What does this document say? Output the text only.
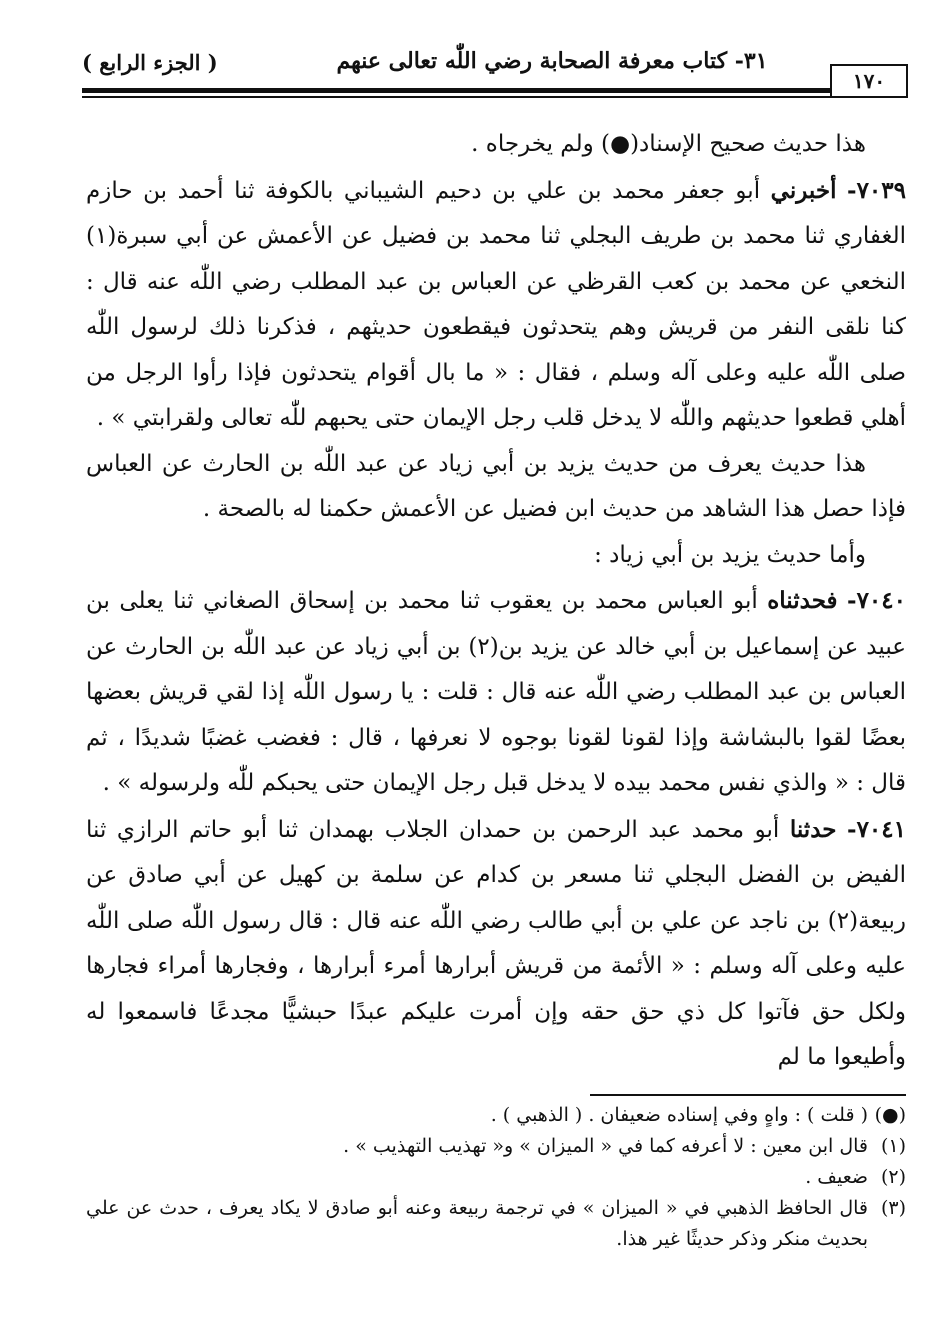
( الجزء الرابع )	٣١- كتاب معرفة الصحابة رضي اللّٰه تعالى عنهم
١٧٠

هذا حديث صحيح الإسناد(●) ولم يخرجاه .

٧٠٣٩- أخبرني أبو جعفر محمد بن علي بن دحيم الشيباني بالكوفة ثنا أحمد بن حازم الغفاري ثنا محمد بن طريف البجلي ثنا محمد بن فضيل عن الأعمش عن أبي سبرة(١) النخعي عن محمد بن كعب القرظي عن العباس بن عبد المطلب رضي اللّٰه عنه قال : كنا نلقى النفر من قريش وهم يتحدثون فيقطعون حديثهم ، فذكرنا ذلك لرسول اللّٰه صلى اللّٰه عليه وعلى آله وسلم ، فقال : « ما بال أقوام يتحدثون فإذا رأوا الرجل من أهلي قطعوا حديثهم واللّٰه لا يدخل قلب رجل الإيمان حتى يحبهم للّٰه تعالى ولقرابتي » .

هذا حديث يعرف من حديث يزيد بن أبي زياد عن عبد اللّٰه بن الحارث عن العباس فإذا حصل هذا الشاهد من حديث ابن فضيل عن الأعمش حكمنا له بالصحة .

وأما حديث يزيد بن أبي زياد :

٧٠٤٠- فحدثناه أبو العباس محمد بن يعقوب ثنا محمد بن إسحاق الصغاني ثنا يعلى بن عبيد عن إسماعيل بن أبي خالد عن يزيد بن(٢) بن أبي زياد عن عبد اللّٰه بن الحارث عن العباس بن عبد المطلب رضي اللّٰه عنه قال : قلت : يا رسول اللّٰه إذا لقي قريش بعضها بعضًا لقوا بالبشاشة وإذا لقونا لقونا بوجوه لا نعرفها ، قال : فغضب غضبًا شديدًا ، ثم قال : « والذي نفس محمد بيده لا يدخل قبل رجل الإيمان حتى يحبكم للّٰه ولرسوله » .

٧٠٤١- حدثنا أبو محمد عبد الرحمن بن حمدان الجلاب بهمدان ثنا أبو حاتم الرازي ثنا الفيض بن الفضل البجلي ثنا مسعر بن كدام عن سلمة بن كهيل عن أبي صادق عن ربيعة(٢) بن ناجد عن علي بن أبي طالب رضي اللّٰه عنه قال : قال رسول اللّٰه صلى اللّٰه عليه وعلى آله وسلم : « الأئمة من قريش أبرارها أمرء أبرارها ، وفجارها أمراء فجارها ولكل حق فآتوا كل ذي حق حقه وإن أمرت عليكم عبدًا حبشيًّا مجدعًا فاسمعوا له وأطيعوا ما لم

(●)
( قلت ) : واهٍ وفي إسناده ضعيفان . ( الذهبي ) .
(١)
قال ابن معين : لا أعرفه كما في « الميزان » و« تهذيب التهذيب » .
(٢)
ضعيف .
(٣)
قال الحافظ الذهبي في « الميزان » في ترجمة ربيعة وعنه أبو صادق لا يكاد يعرف ، حدث عن علي بحديث منكر وذكر حديثًا غير هذا.
